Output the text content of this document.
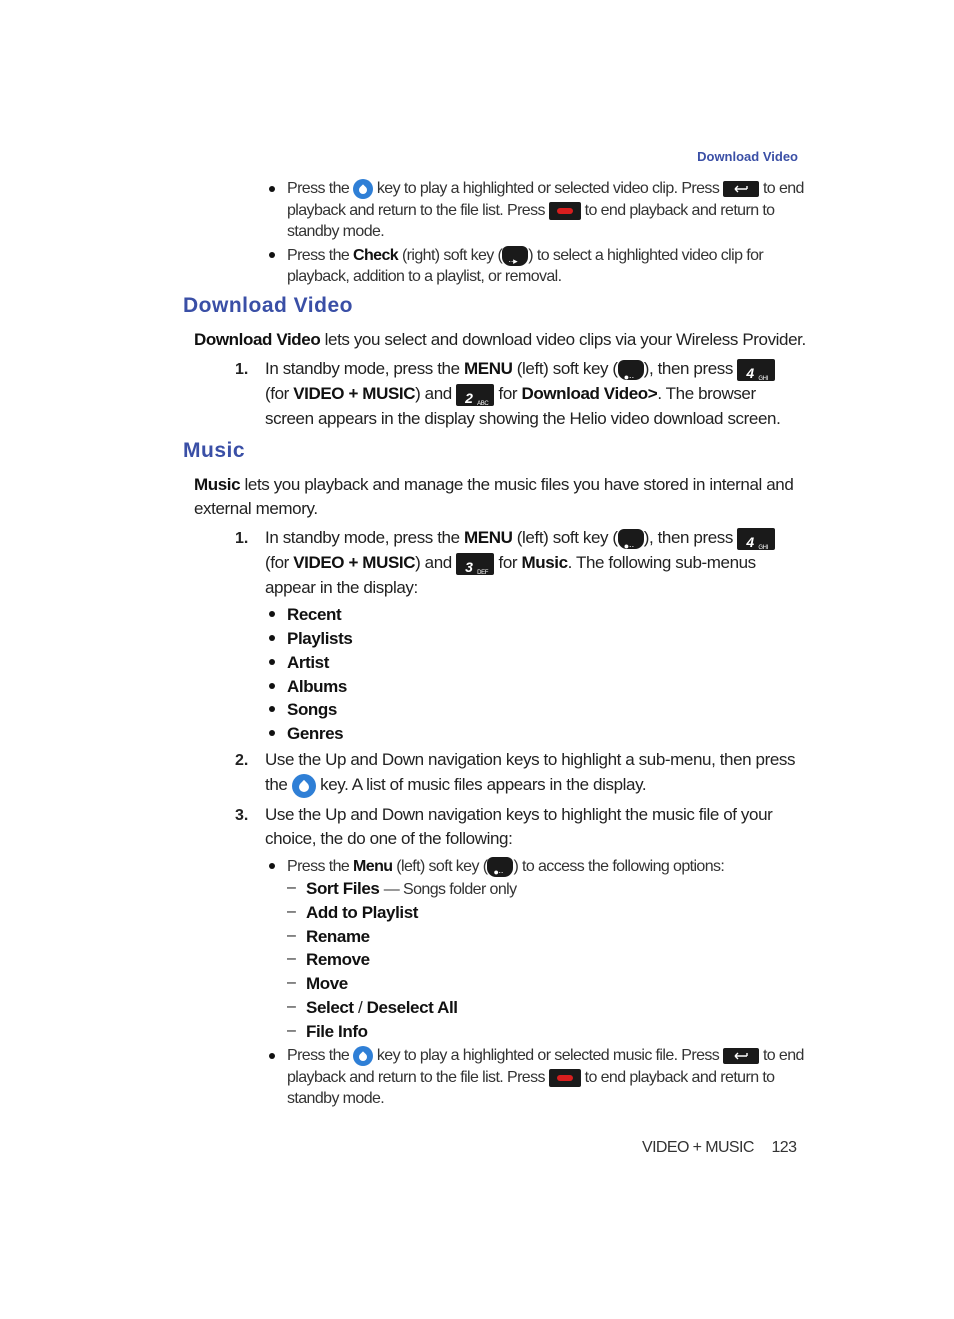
Download Video
Press the key to play a highlighted or selected video clip. Press	to end
playback and return to the file list. Press to end playback and return to
standby mode.
Press the Check (right) soft key ( ··▸ ) to select a highlighted video clip for
playback, addition to a playlist, or removal.
Download Video
Download Video lets you select and download video clips via your Wireless Provider.
1. In standby mode, press the MENU (left) soft key ( ●·· ), then press 4 GHI
(for VIDEO + MUSIC) and 2 ABC
for Download Video>. The browser
screen appears in the display showing the Helio video download screen.
Music
Music lets you playback and manage the music files you have stored in internal and
external memory.
1. In standby mode, press the MENU (left) soft key ( ●·· ), then press 4 GHI
(for VIDEO + MUSIC) and 3 DEF
for Music. The following sub-menus
appear in the display:
Recent
Playlists
Artist
Albums
Songs
Genres
2. Use the Up and Down navigation keys to highlight a sub-menu, then press
the key. A list of music files appears in the display.
3. Use the Up and Down navigation keys to highlight the music file of your
choice, the do one of the following:
Press the Menu (left) soft key ( ●·· ) to access the following options:
– Sort Files — Songs folder only
– Add to Playlist
– Rename
– Remove
– Move
– Select / Deselect All
– File Info
Press the key to play a highlighted or selected music file. Press	to end
playback and return to the file list. Press to end playback and return to
standby mode.
VIDEO + MUSIC 123
